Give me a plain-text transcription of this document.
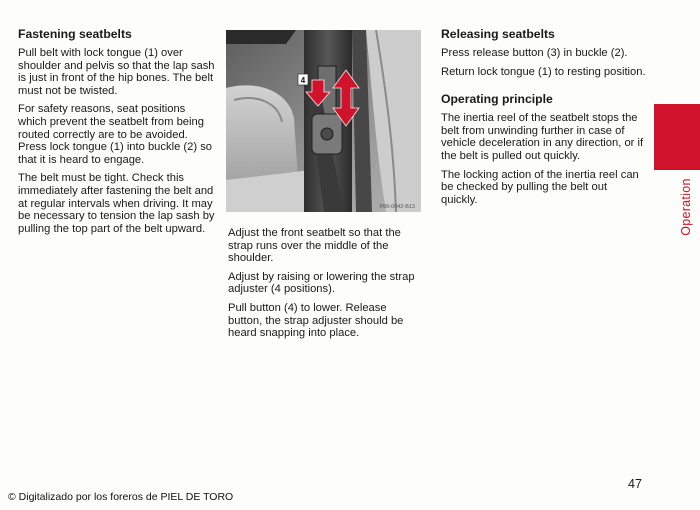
Fastening seatbelts

Pull belt with lock tongue (1) over shoulder and pelvis so that the lap sash is just in front of the hip bones. The belt must not be twisted.

For safety reasons, seat positions which prevent the seatbelt from being routed correctly are to be avoided.

Press lock tongue (1) into buckle (2) so that it is heard to engage.

The belt must be tight. Check this immediately after fastening the belt and at regular intervals when driving. It may be necessary to tension the lap sash by pulling the top part of the belt upward.

4
P86-0042-B13

Adjust the front seatbelt so that the strap runs over the middle of the shoulder.

Adjust by raising or lowering the strap adjuster (4 positions).

Pull button (4) to lower. Release button, the strap adjuster should be heard snapping into place.

Releasing seatbelts

Press release button (3) in buckle (2).

Return lock tongue (1) to resting position.

Operating principle

The inertia reel of the seatbelt stops the belt from unwinding further in case of vehicle deceleration in any direction, or if the belt is pulled out quickly.

The locking action of the inertia reel can be checked by pulling the belt out quickly.	Operation
47
© Digitalizado por los foreros de PIEL DE TORO
